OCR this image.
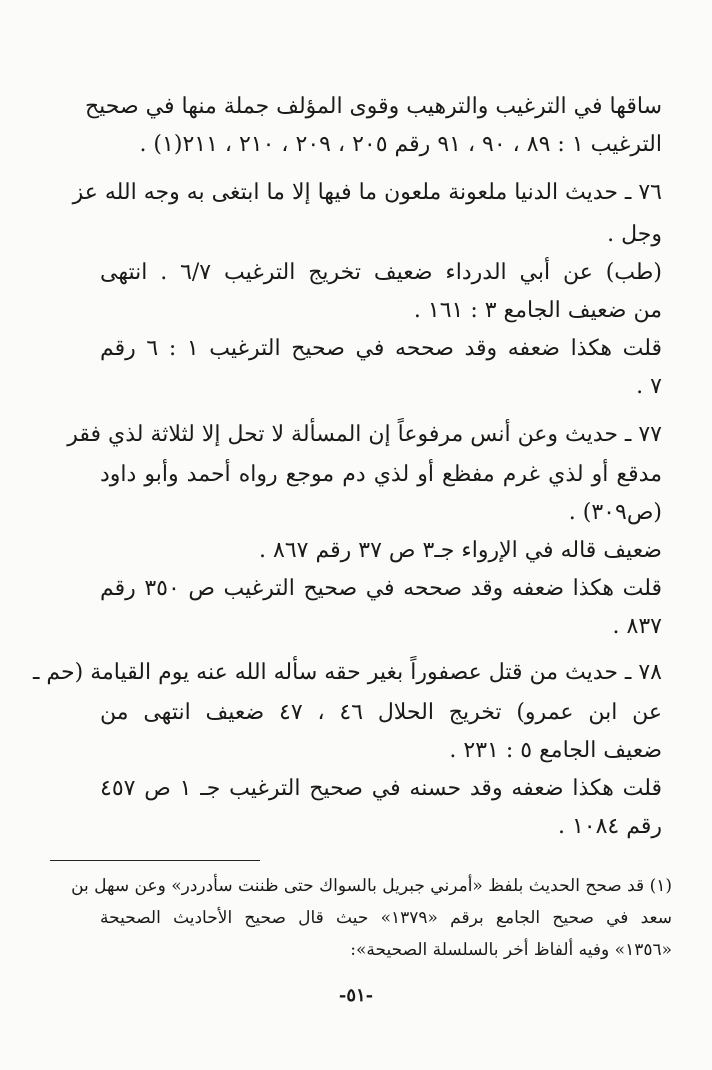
ساقها في الترغيب والترهيب وقوى المؤلف جملة منها في صحيح
الترغيب ١ : ٨٩ ، ٩٠ ، ٩١ رقم ٢٠٥ ، ٢٠٩ ، ٢١٠ ، ٢١١(١) .
٧٦ ـ حديث الدنيا ملعونة ملعون ما فيها إلا ما ابتغى به وجه الله عز
وجل .
(طب) عن أبي الدرداء ضعيف تخريج الترغيب ٦/٧ . انتهى
من ضعيف الجامع ٣ : ١٦١ .
قلت هكذا ضعفه وقد صححه في صحيح الترغيب ١ : ٦ رقم
٧ .
٧٧ ـ حديث وعن أنس مرفوعاً إن المسألة لا تحل إلا لثلاثة لذي فقر
مدقع أو لذي غرم مفظع أو لذي دم موجع رواه أحمد وأبو داود
(ص٣٠٩) .
ضعيف قاله في الإرواء جـ٣ ص ٣٧ رقم ٨٦٧ .
قلت هكذا ضعفه وقد صححه في صحيح الترغيب ص ٣٥٠ رقم
٨٣٧ .
٧٨ ـ حديث من قتل عصفوراً بغير حقه سأله الله عنه يوم القيامة (حم ـ
عن ابن عمرو) تخريج الحلال ٤٦ ، ٤٧ ضعيف انتهى من
ضعيف الجامع ٥ : ٢٣١ .
قلت هكذا ضعفه وقد حسنه في صحيح الترغيب جـ ١ ص ٤٥٧
رقم ١٠٨٤ .
(١) قد صحح الحديث بلفظ «أمرني جبريل بالسواك حتى ظننت سأدردر» وعن سهل بن
سعد في صحيح الجامع برقم «١٣٧٩» حيث قال صحيح الأحاديث الصحيحة
«١٣٥٦» وفيه ألفاظ أخر بالسلسلة الصحيحة»:
-٥١-
